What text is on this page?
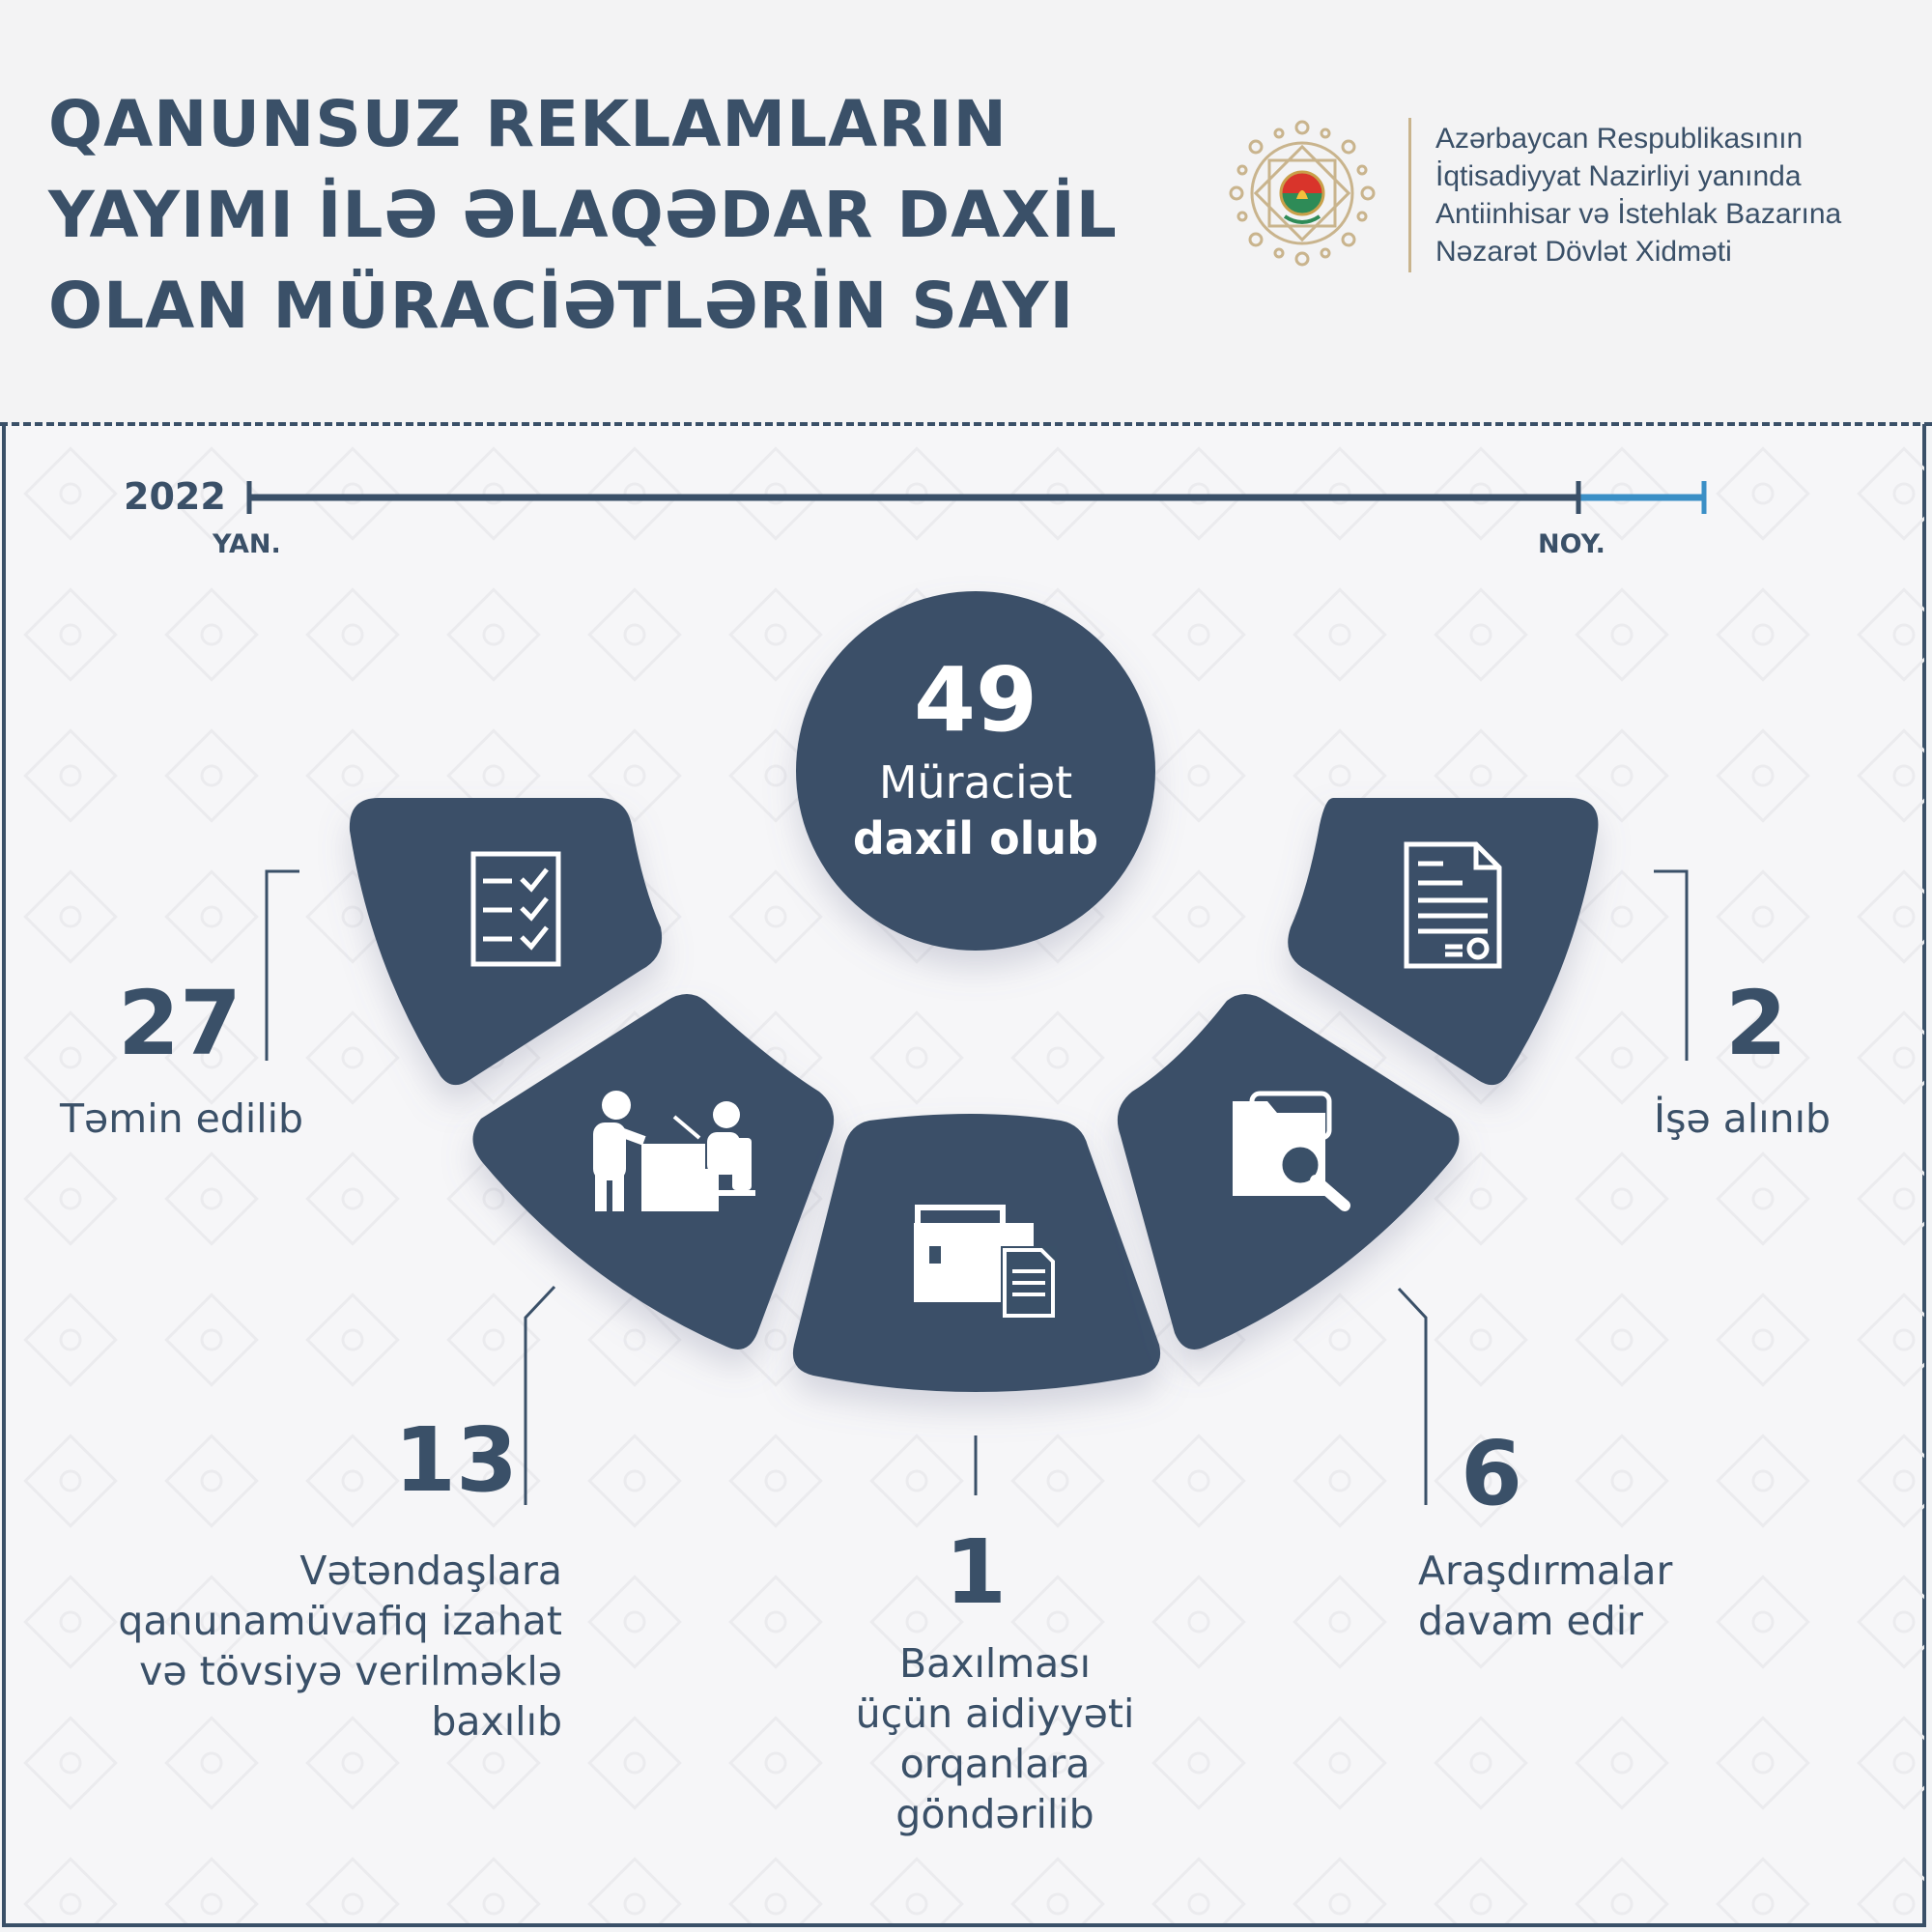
QANUNSUZ REKLAMLARIN
YAYIMI İLƏ ƏLAQƏDAR DAXİL
OLAN MÜRACİƏTLƏRİN SAYI
Azərbaycan Respublikasının
İqtisadiyyat Nazirliyi yanında
Antiinhisar və İstehlak Bazarına
Nəzarət Dövlət Xidməti
2022
YAN.	NOY.
49
Müraciət
daxil olub
27
Təmin edilib
13
Vətəndaşlara
qanunamüvafiq izahat
və tövsiyə verilməklə
baxılıb
1
Baxılması
üçün aidiyyəti
orqanlara
göndərilib
6
Araşdırmalar
davam edir
2
İşə alınıb
